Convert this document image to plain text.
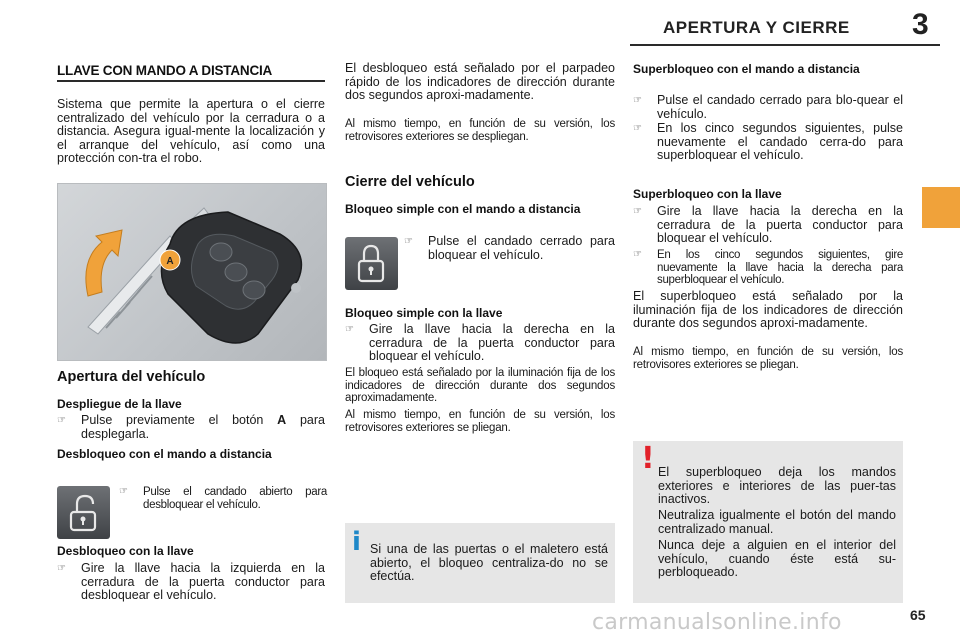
APERTURA Y CIERRE 3
LLAVE CON MANDO A DISTANCIA
Sistema que permite la apertura o el cierre centralizado del vehículo por la cerradura o a distancia. Asegura igual-mente la localización y el arranque del vehículo, así como una protección con-tra el robo.
A
Apertura del vehículo
Despliegue de la llave
☞	Pulse previamente el botón A para desplegarla.
Desbloqueo con el mando a distancia
☞	Pulse el candado abierto para desbloquear el vehículo.
Desbloqueo con la llave
☞	Gire la llave hacia la izquierda en la cerradura de la puerta conductor para desbloquear el vehículo.
El desbloqueo está señalado por el parpadeo rápido de los indicadores de dirección durante dos segundos aproxi-madamente.
Al mismo tiempo, en función de su versión, los retrovisores exteriores se despliegan.
Cierre del vehículo
Bloqueo simple con el mando a distancia
☞	Pulse el candado cerrado para bloquear el vehículo.
Bloqueo simple con la llave
☞	Gire la llave hacia la derecha en la cerradura de la puerta conductor para bloquear el vehículo.
El bloqueo está señalado por la iluminación fija de los indicadores de dirección durante dos segundos aproximadamente.
Al mismo tiempo, en función de su versión, los retrovisores exteriores se pliegan.
i Si una de las puertas o el maletero está abierto, el bloqueo centraliza-do no se efectúa.
Superbloqueo con el mando a distancia
☞	Pulse el candado cerrado para blo-quear el vehículo.
☞	En los cinco segundos siguientes, pulse nuevamente el candado cerra-do para superbloquear el vehículo.
Superbloqueo con la llave
☞	Gire la llave hacia la derecha en la cerradura de la puerta conductor para bloquear el vehículo.
☞	En los cinco segundos siguientes, gire nuevamente la llave hacia la derecha para superbloquear el vehículo.
El superbloqueo está señalado por la iluminación fija de los indicadores de dirección durante dos segundos aproxi-madamente.
Al mismo tiempo, en función de su versión, los retrovisores exteriores se pliegan.
! El superbloqueo deja los mandos exteriores e interiores de las puer-tas inactivos.
Neutraliza igualmente el botón del mando centralizado manual.
Nunca deje a alguien en el interior del vehículo, cuando éste está su-perbloqueado.
65
carmanualsonline.info
